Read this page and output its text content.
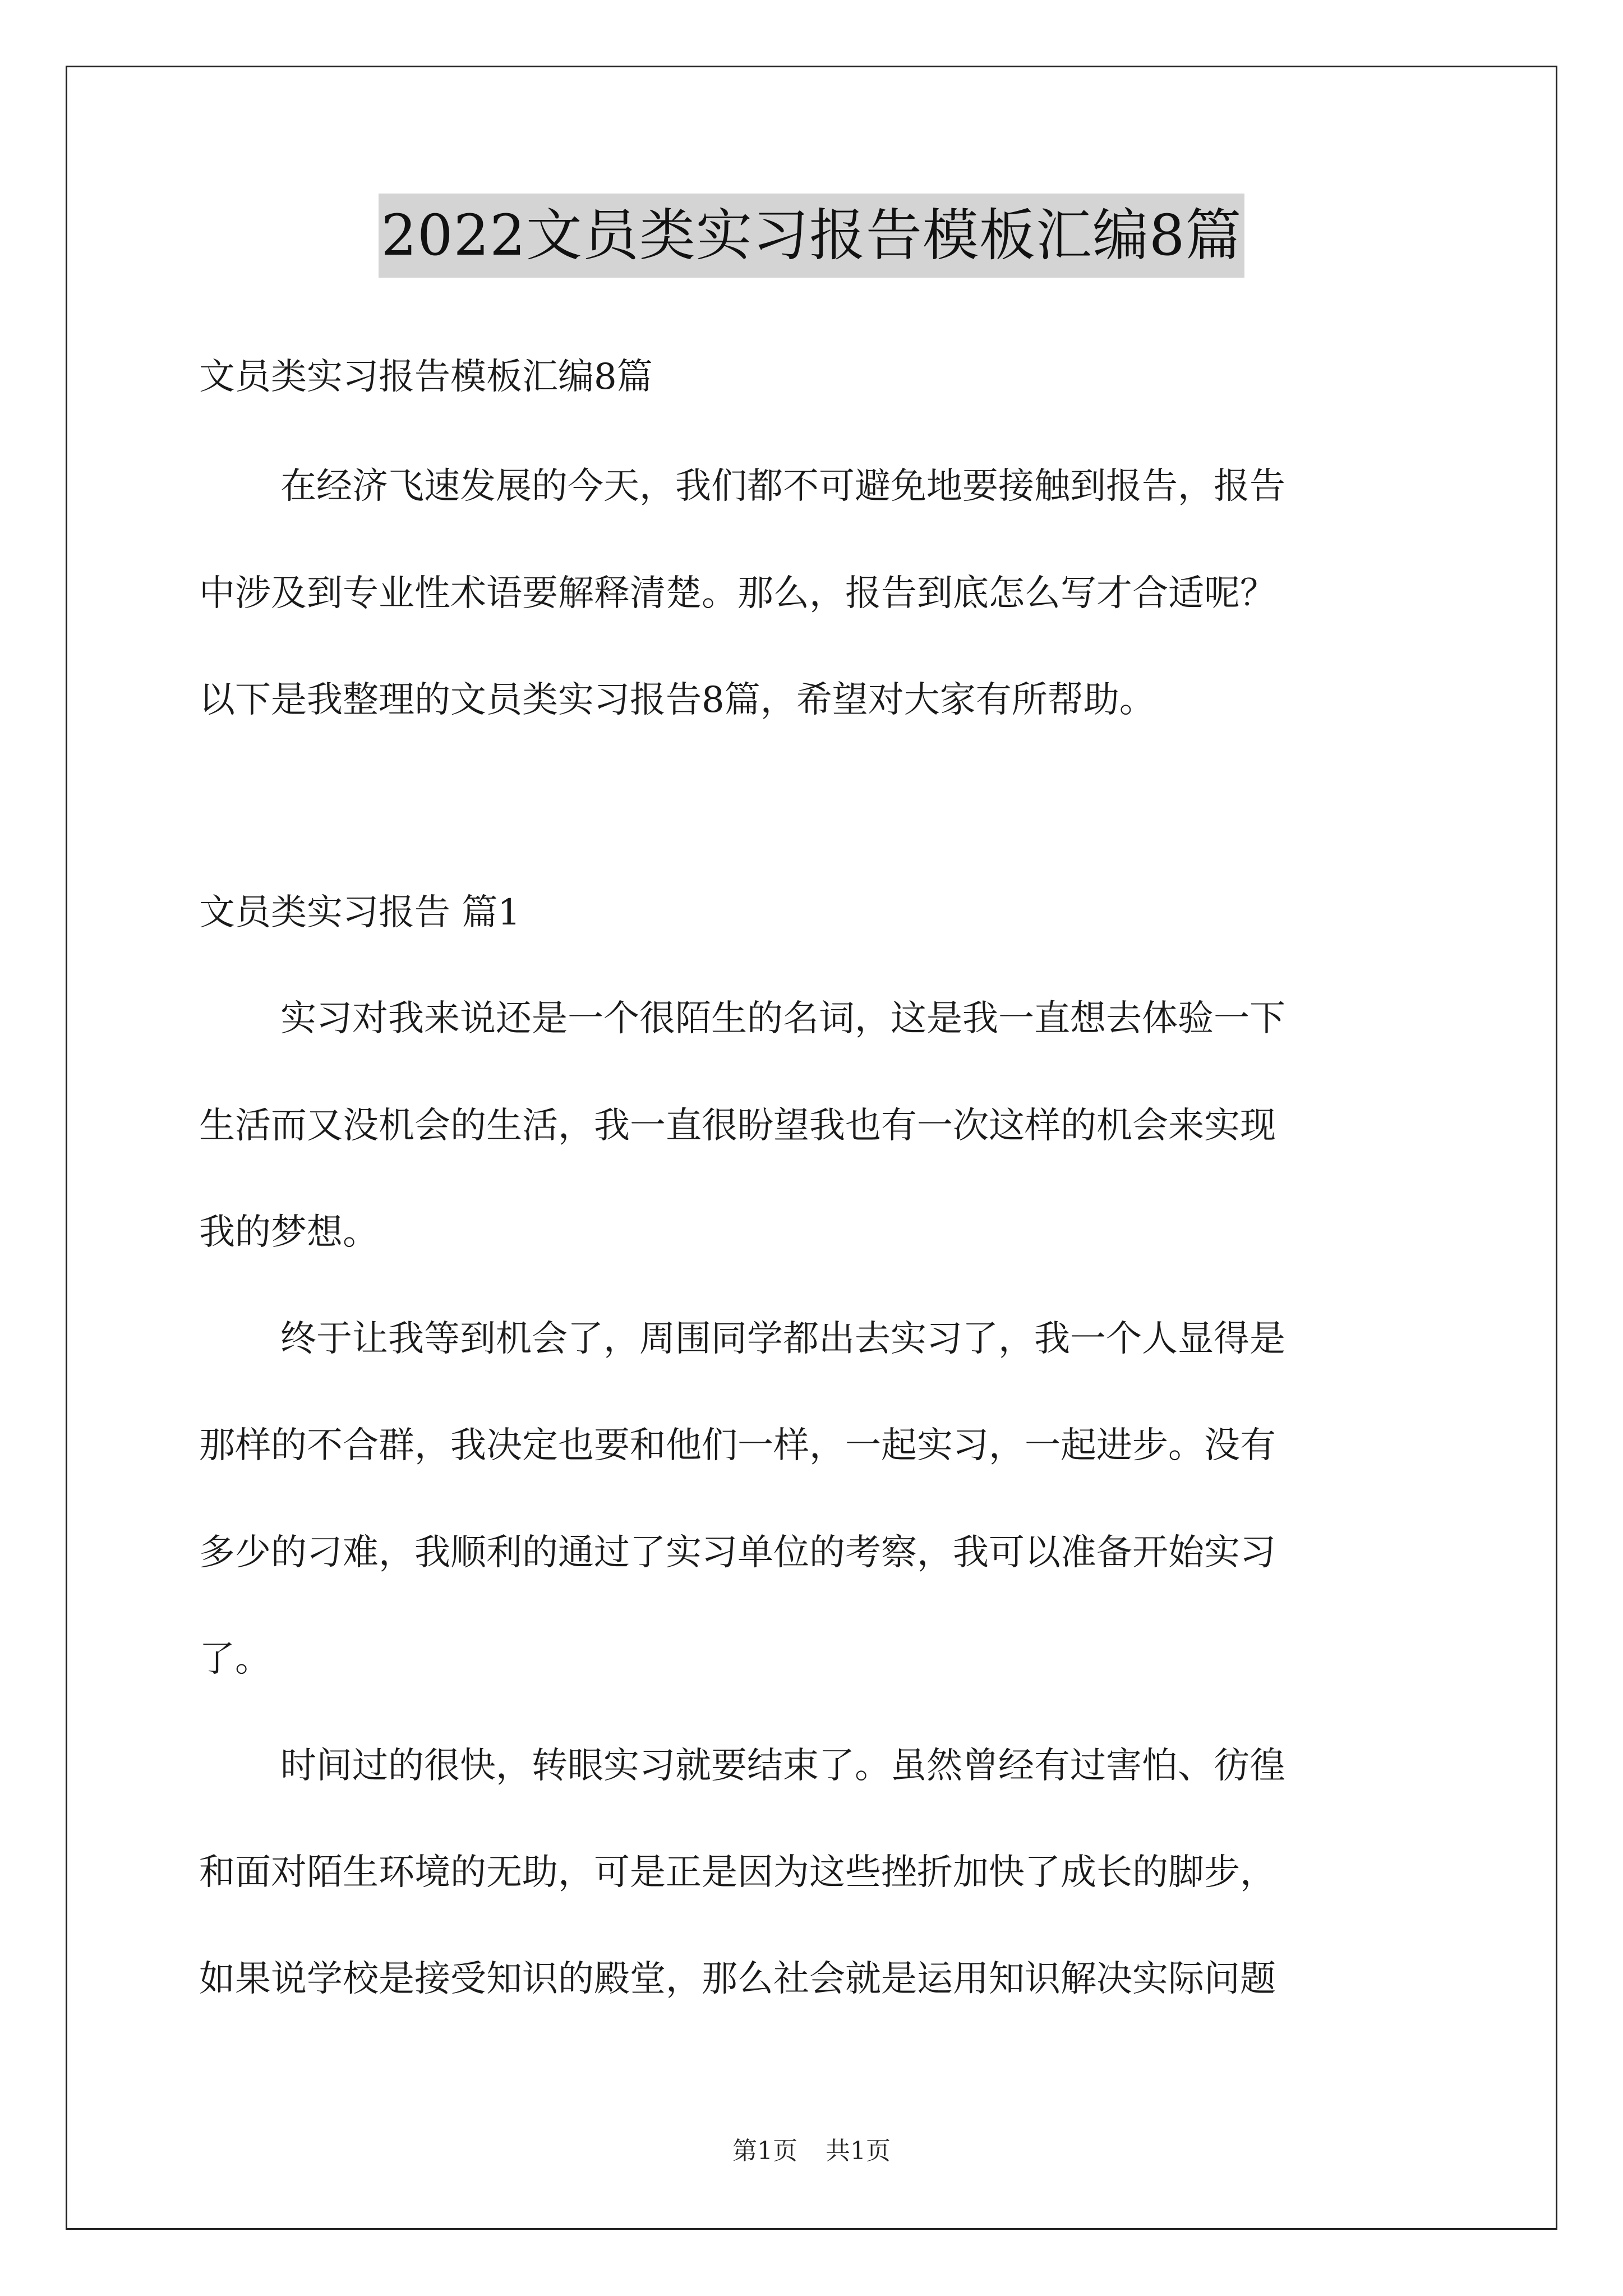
2022文员类实习报告模板汇编8篇
文员类实习报告模板汇编8篇
在经济飞速发展的今天，我们都不可避免地要接触到报告，报告
中涉及到专业性术语要解释清楚。那么，报告到底怎么写才合适呢？
以下是我整理的文员类实习报告8篇，希望对大家有所帮助。
文员类实习报告 篇1
实习对我来说还是一个很陌生的名词，这是我一直想去体验一下
生活而又没机会的生活，我一直很盼望我也有一次这样的机会来实现
我的梦想。
终于让我等到机会了，周围同学都出去实习了，我一个人显得是
那样的不合群，我决定也要和他们一样，一起实习，一起进步。没有
多少的刁难，我顺利的通过了实习单位的考察，我可以准备开始实习
了。
时间过的很快，转眼实习就要结束了。虽然曾经有过害怕、彷徨
和面对陌生环境的无助，可是正是因为这些挫折加快了成长的脚步，
如果说学校是接受知识的殿堂，那么社会就是运用知识解决实际问题
第1页 共1页
